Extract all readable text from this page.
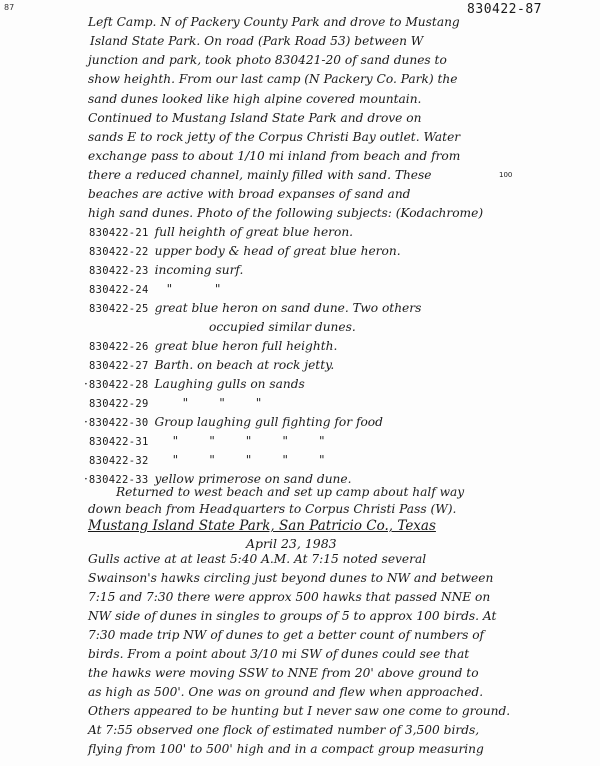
87	830422-87
Left Camp. N of Packery County Park and drove to Mustang
Island State Park. On road (Park Road 53) between W
junction and park, took photo 830421-20 of sand dunes to
show heighth. From our last camp (N Packery Co. Park) the
sand dunes looked like high alpine covered mountain.
Continued to Mustang Island State Park and drove on
sands E to rock jetty of the Corpus Christi Bay outlet. Water
exchange pass to about 1/10 mi inland from beach and from
there a reduced channel, mainly filled with sand. These
beaches are active with broad expanses of sand and
high sand dunes. Photo of the following subjects: (Kodachrome)
100
830422-21 full heighth of great blue heron.
830422-22 upper body & head of great blue heron.
830422-23 incoming surf.
830422-24 "           "
830422-25 great blue heron on sand dune. Two others
occupied similar dunes.
830422-26 great blue heron full heighth.
830422-27 Barth. on beach at rock jetty.
·830422-28 Laughing gulls on sands
830422-29	"        "        "
·830422-30 Group laughing gull fighting for food
830422-31 "        "        "        "        "
830422-32 "        "        "        "        "
·830422-33 yellow primerose on sand dune.
Returned to west beach and set up camp about half way
down beach from Headquarters to Corpus Christi Pass (W).
Mustang Island State Park, San Patricio Co., Texas
April 23, 1983
Gulls active at at least 5:40 A.M. At 7:15 noted several
Swainson's hawks circling just beyond dunes to NW and between
7:15 and 7:30 there were approx 500 hawks that passed NNE on
NW side of dunes in singles to groups of 5 to approx 100 birds. At
7:30 made trip NW of dunes to get a better count of numbers of
birds. From a point about 3/10 mi SW of dunes could see that
the hawks were moving SSW to NNE from 20' above ground to
as high as 500'. One was on ground and flew when approached.
Others appeared to be hunting but I never saw one come to ground.
At 7:55 observed one flock of estimated number of 3,500 birds,
flying from 100' to 500' high and in a compact group measuring
